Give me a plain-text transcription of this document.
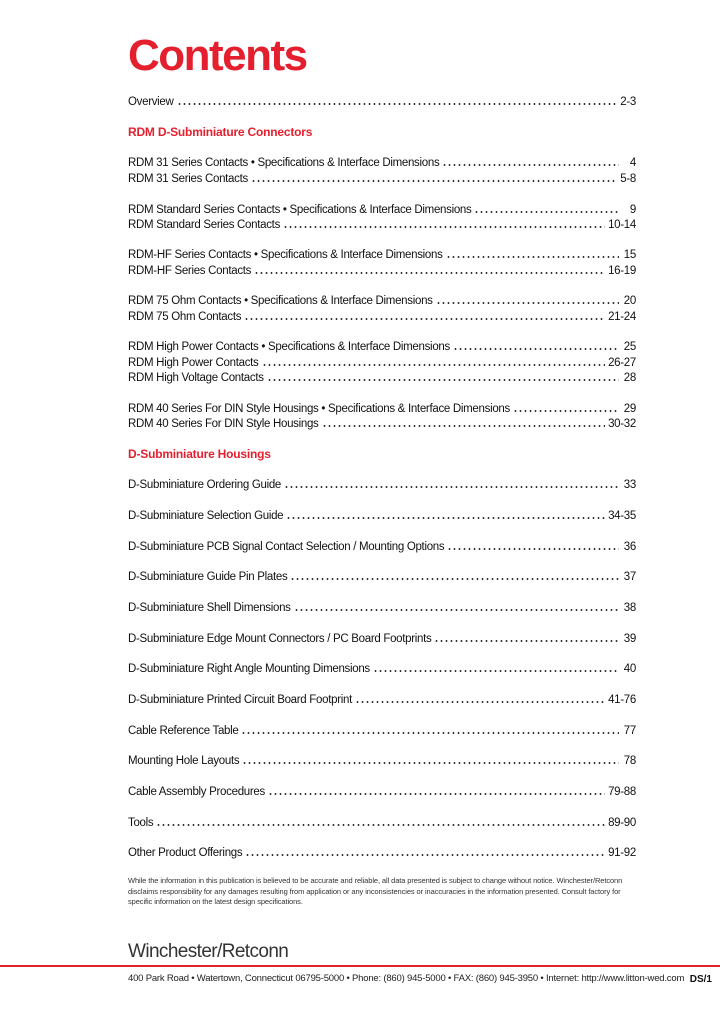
Contents
Overview	2-3
RDM D-Subminiature Connectors
RDM 31 Series Contacts • Specifications & Interface Dimensions	4
RDM 31 Series Contacts	5-8
RDM Standard Series Contacts • Specifications & Interface Dimensions	9
RDM Standard Series Contacts	10-14
RDM-HF Series Contacts • Specifications & Interface Dimensions	15
RDM-HF Series Contacts	16-19
RDM 75 Ohm Contacts • Specifications & Interface Dimensions	20
RDM 75 Ohm Contacts	21-24
RDM High Power Contacts • Specifications & Interface Dimensions	25
RDM High Power Contacts	26-27
RDM High Voltage Contacts	28
RDM 40 Series For DIN Style Housings • Specifications & Interface Dimensions	29
RDM 40 Series For DIN Style Housings	30-32
D-Subminiature Housings
D-Subminiature Ordering Guide	33
D-Subminiature Selection Guide	34-35
D-Subminiature PCB Signal Contact Selection / Mounting Options	36
D-Subminiature Guide Pin Plates	37
D-Subminiature Shell Dimensions	38
D-Subminiature Edge Mount Connectors / PC Board Footprints	39
D-Subminiature Right Angle Mounting Dimensions	40
D-Subminiature Printed Circuit Board Footprint	41-76
Cable Reference Table	77
Mounting Hole Layouts	78
Cable Assembly Procedures	79-88
Tools	89-90
Other Product Offerings	91-92
While the information in this publication is believed to be accurate and reliable, all data presented is subject to change without notice. Winchester/Retconn disclaims responsibility for any damages resulting from application or any inconsistencies or inaccuracies in the information presented. Consult factory for specific information on the latest design specifications.
Winchester/Retconn
400 Park Road • Watertown, Connecticut 06795-5000 • Phone: (860) 945-5000 • FAX: (860) 945-3950 • Internet: http://www.litton-wed.com DS/1
